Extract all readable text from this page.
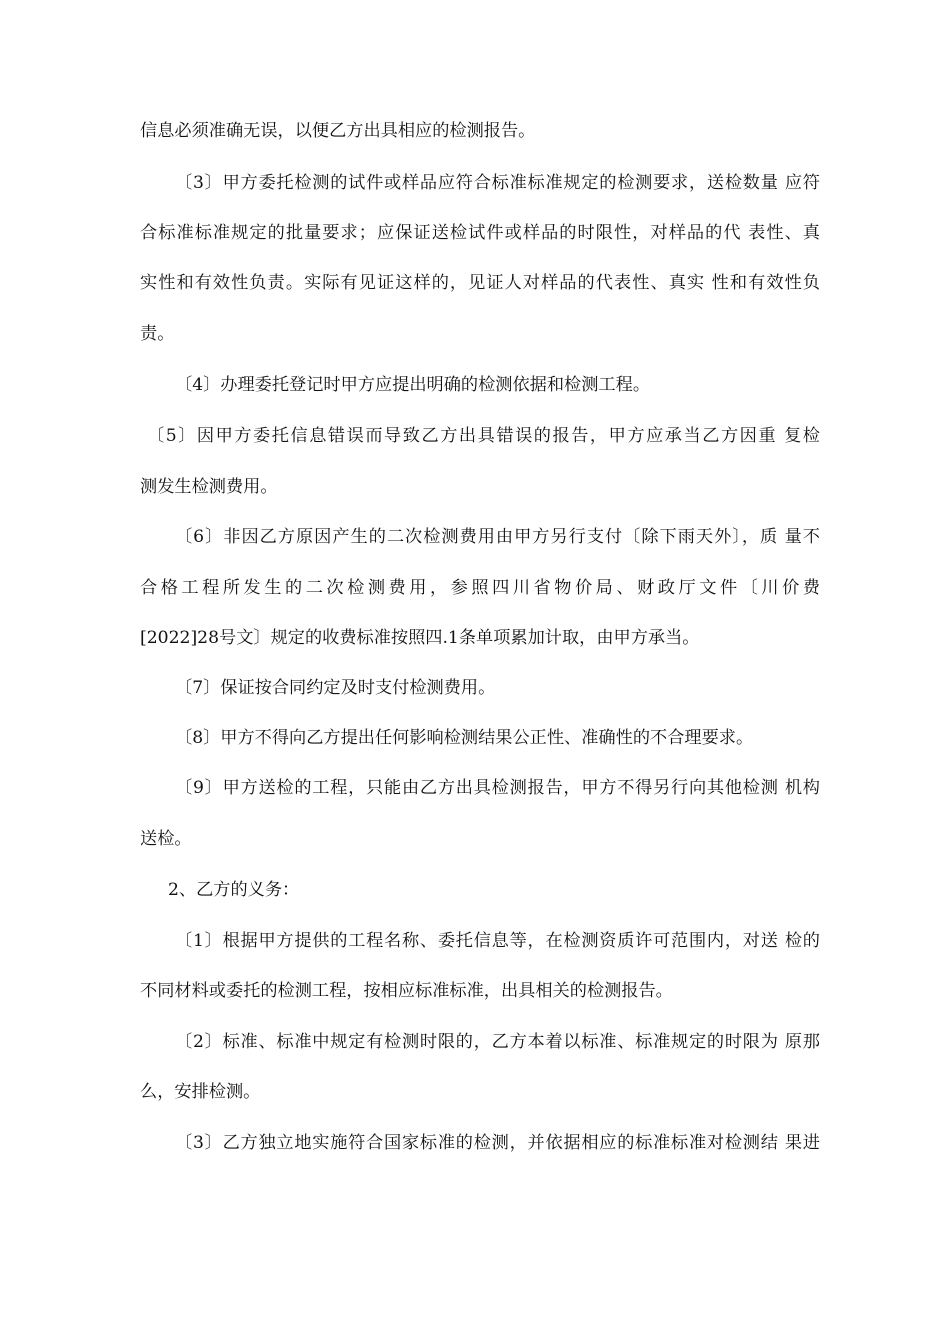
信息必须准确无误，以便乙方出具相应的检测报告。
〔3〕甲方委托检测的试件或样品应符合标准标准规定的检测要求，送检数量 应符
合标准标准规定的批量要求；应保证送检试件或样品的时限性，对样品的代 表性、真
实性和有效性负责。实际有见证这样的，见证人对样品的代表性、真实 性和有效性负
责。
〔4〕办理委托登记时甲方应提出明确的检测依据和检测工程。
〔5〕因甲方委托信息错误而导致乙方出具错误的报告，甲方应承当乙方因重 复检
测发生检测费用。
〔6〕非因乙方原因产生的二次检测费用由甲方另行支付〔除下雨天外〕，质 量不
合格工程所发生的二次检测费用，参照四川省物价局、财政厅文件〔川价费
[2022]28号文〕规定的收费标准按照四.1条单项累加计取，由甲方承当。
〔7〕保证按合同约定及时支付检测费用。
〔8〕甲方不得向乙方提出任何影响检测结果公正性、准确性的不合理要求。
〔9〕甲方送检的工程，只能由乙方出具检测报告，甲方不得另行向其他检测 机构
送检。
2、乙方的义务：
〔1〕根据甲方提供的工程名称、委托信息等，在检测资质许可范围内，对送 检的
不同材料或委托的检测工程，按相应标准标准，出具相关的检测报告。
〔2〕标准、标准中规定有检测时限的，乙方本着以标准、标准规定的时限为 原那
么，安排检测。
〔3〕乙方独立地实施符合国家标准的检测，并依据相应的标准标准对检测结 果进
